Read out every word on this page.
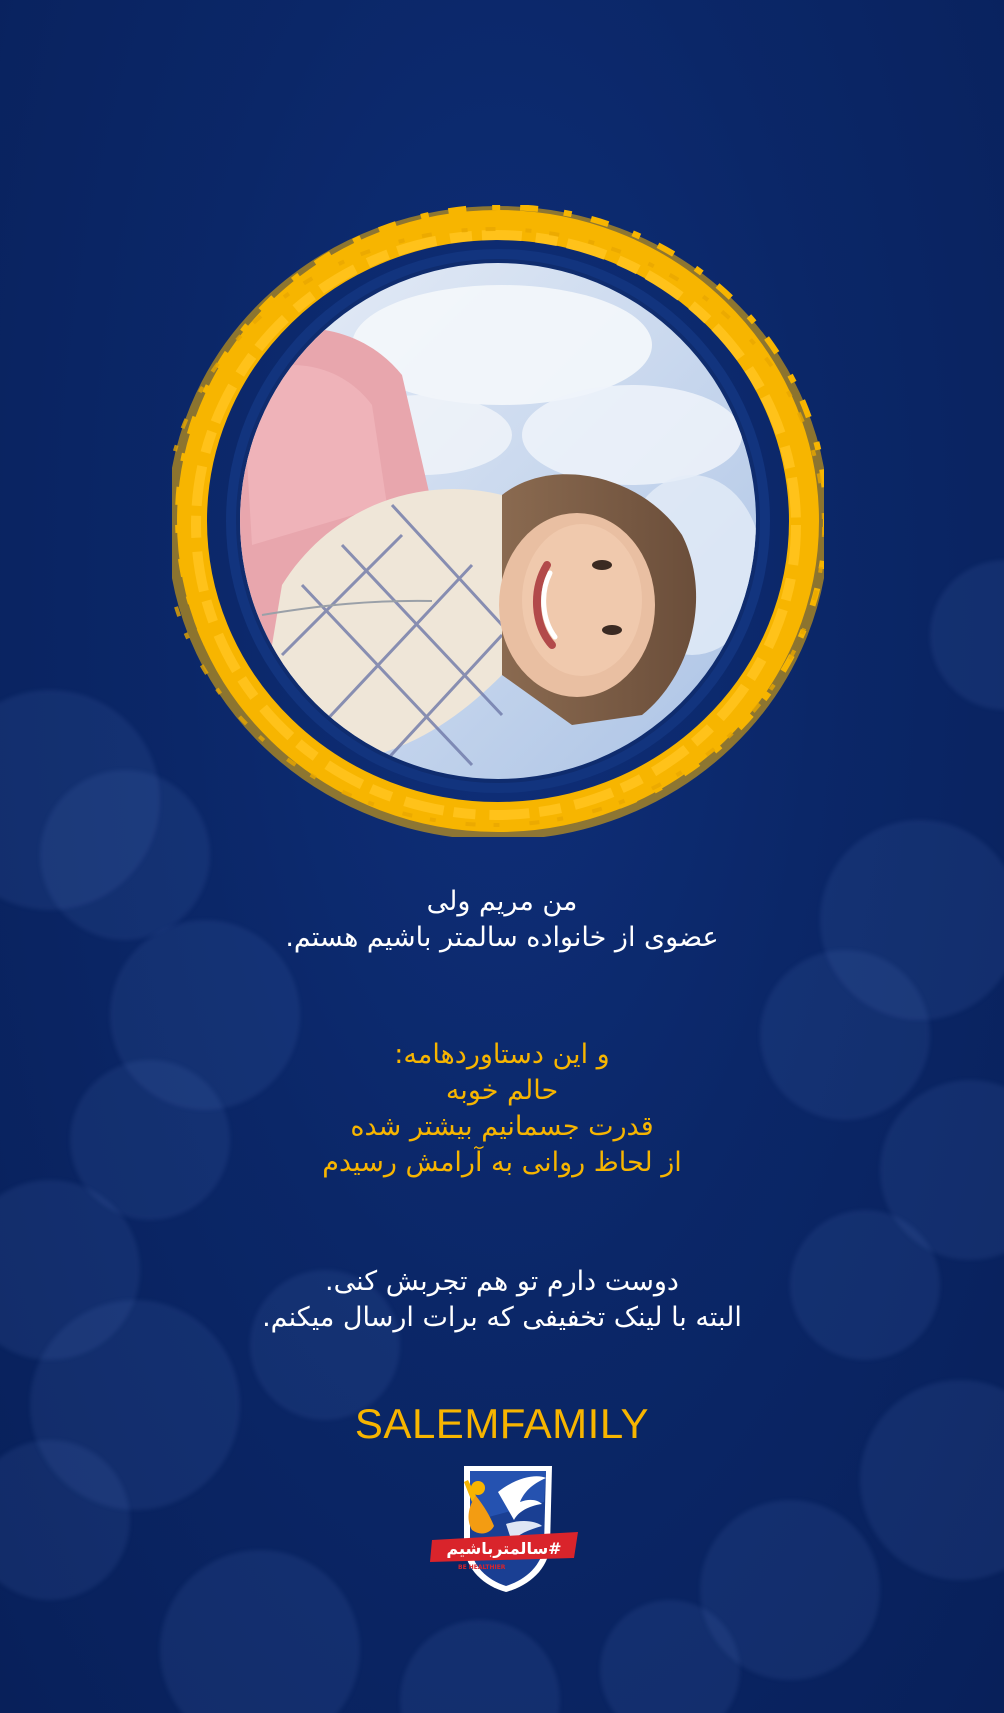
من مریم ولی
عضوی از خانواده سالمتر باشیم هستم.
و این دستاوردهامه:
حالم خوبه
قدرت جسمانیم بیشتر شده
از لحاظ روانی به آرامش رسیدم
دوست دارم تو هم تجربش کنی.
البته با لینک تخفیفی که برات ارسال میکنم.
SALEMFAMILY
#سالمترباشیم
BE HEALTHIER
